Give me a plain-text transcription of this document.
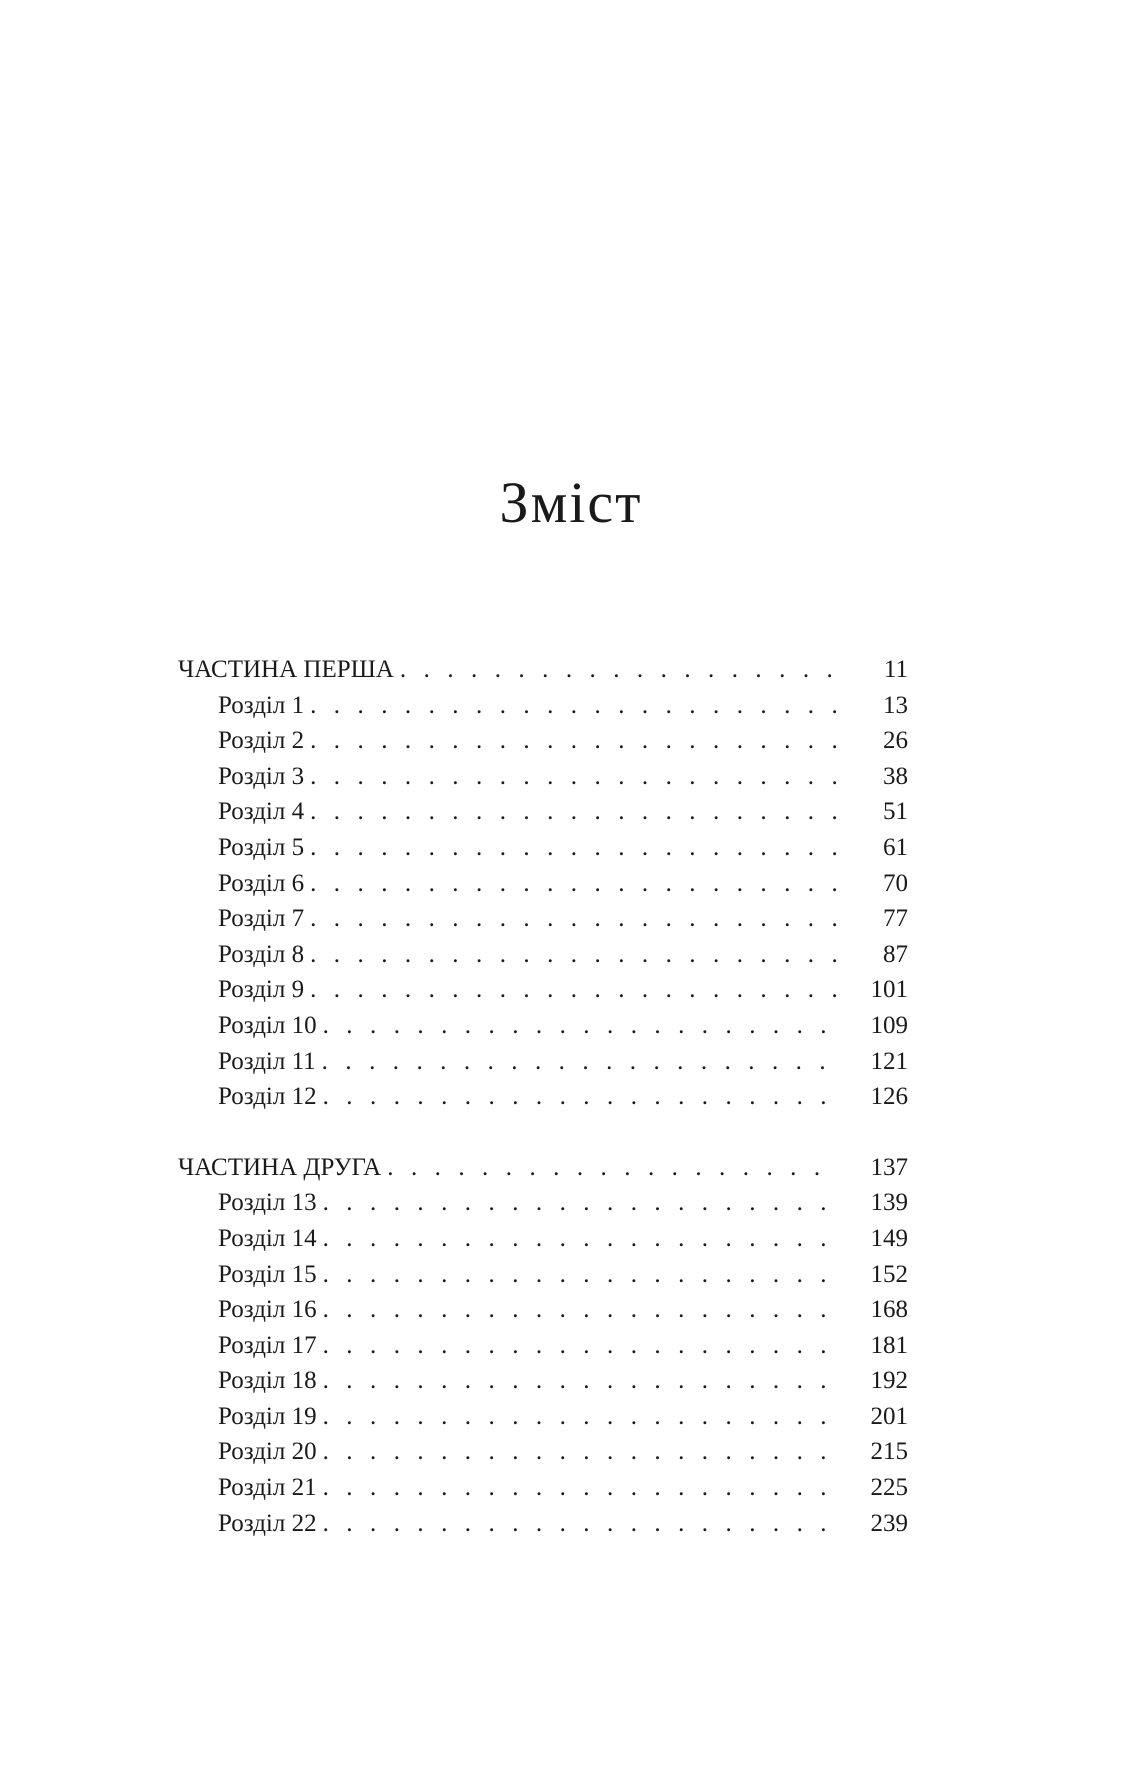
Зміст
ЧАСТИНА ПЕРША . . .	11
Розділ 1 . . .	13
Розділ 2 . . .	26
Розділ 3 . . .	38
Розділ 4 . . .	51
Розділ 5 . . .	61
Розділ 6 . . .	70
Розділ 7 . . .	77
Розділ 8 . . .	87
Розділ 9 . . .	101
Розділ 10 . . .	109
Розділ 11 . . .	121
Розділ 12 . . .	126
ЧАСТИНА ДРУГА . . .	137
Розділ 13 . . .	139
Розділ 14 . . .	149
Розділ 15 . . .	152
Розділ 16 . . .	168
Розділ 17 . . .	181
Розділ 18 . . .	192
Розділ 19 . . .	201
Розділ 20 . . .	215
Розділ 21 . . .	225
Розділ 22 . . .	239
